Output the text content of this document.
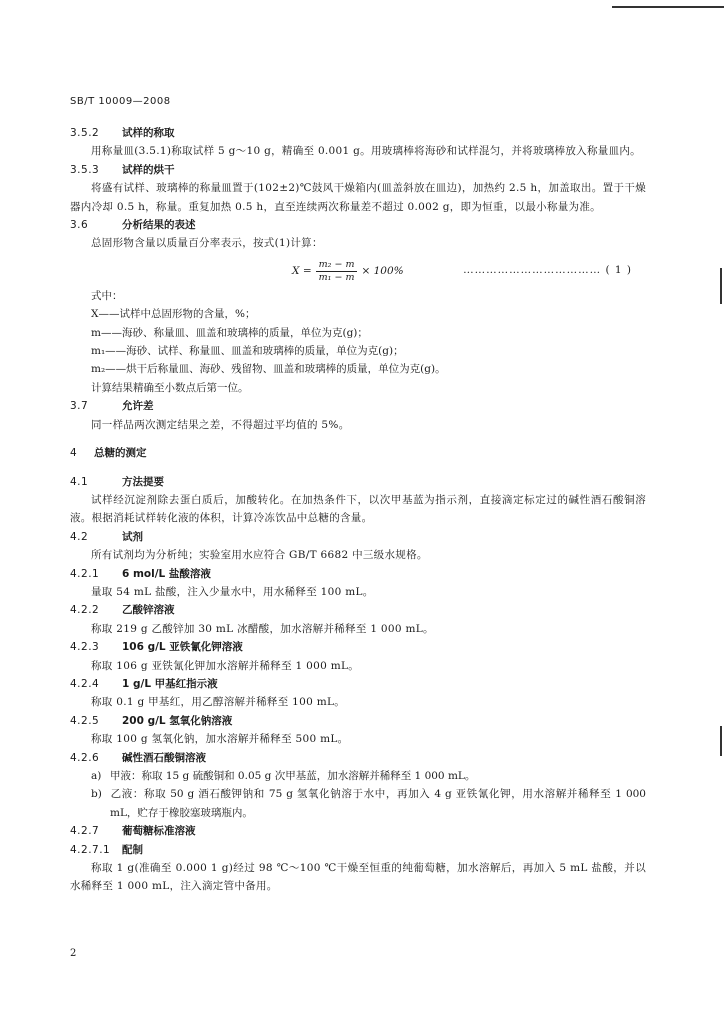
SB/T 10009—2008
3.5.2 试样的称取
用称量皿(3.5.1)称取试样 5 g～10 g，精确至 0.001 g。用玻璃棒将海砂和试样混匀，并将玻璃棒放入称量皿内。
3.5.3 试样的烘干
将盛有试样、玻璃棒的称量皿置于(102±2)℃鼓风干燥箱内(皿盖斜放在皿边)，加热约 2.5 h，加盖取出。置于干燥器内冷却 0.5 h，称量。重复加热 0.5 h，直至连续两次称量差不超过 0.002 g，即为恒重，以最小称量为准。
3.6	分析结果的表述
总固形物含量以质量百分率表示，按式(1)计算：
$X = \frac{\text{m₂ − m}}{\text{m₁ − m}} \times 100\%$	……………………………… ( 1 )
式中：
X——试样中总固形物的含量，%；
m——海砂、称量皿、皿盖和玻璃棒的质量，单位为克(g)；
m₁——海砂、试样、称量皿、皿盖和玻璃棒的质量，单位为克(g)；
m₂——烘干后称量皿、海砂、残留物、皿盖和玻璃棒的质量，单位为克(g)。
计算结果精确至小数点后第一位。
3.7	允许差
同一样品两次测定结果之差，不得超过平均值的 5%。
4 总糖的测定
4.1	方法提要
试样经沉淀剂除去蛋白质后，加酸转化。在加热条件下，以次甲基蓝为指示剂，直接滴定标定过的碱性酒石酸铜溶液。根据消耗试样转化液的体积，计算冷冻饮品中总糖的含量。
4.2	试剂
所有试剂均为分析纯；实验室用水应符合 GB/T 6682 中三级水规格。
4.2.1 6 mol/L 盐酸溶液
量取 54 mL 盐酸，注入少量水中，用水稀释至 100 mL。
4.2.2 乙酸锌溶液
称取 219 g 乙酸锌加 30 mL 冰醋酸，加水溶解并稀释至 1 000 mL。
4.2.3 106 g/L 亚铁氰化钾溶液
称取 106 g 亚铁氰化钾加水溶解并稀释至 1 000 mL。
4.2.4 1 g/L 甲基红指示液
称取 0.1 g 甲基红，用乙醇溶解并稀释至 100 mL。
4.2.5 200 g/L 氢氧化钠溶液
称取 100 g 氢氧化钠，加水溶解并稀释至 500 mL。
4.2.6 碱性酒石酸铜溶液
a) 甲液：称取 15 g 硫酸铜和 0.05 g 次甲基蓝，加水溶解并稀释至 1 000 mL。
b) 乙液：称取 50 g 酒石酸钾钠和 75 g 氢氧化钠溶于水中，再加入 4 g 亚铁氰化钾，用水溶解并稀释至 1 000 mL，贮存于橡胶塞玻璃瓶内。
4.2.7 葡萄糖标准溶液
4.2.7.1 配制
称取 1 g(准确至 0.000 1 g)经过 98 ℃～100 ℃干燥至恒重的纯葡萄糖，加水溶解后，再加入 5 mL 盐酸，并以水稀释至 1 000 mL，注入滴定管中备用。
2
